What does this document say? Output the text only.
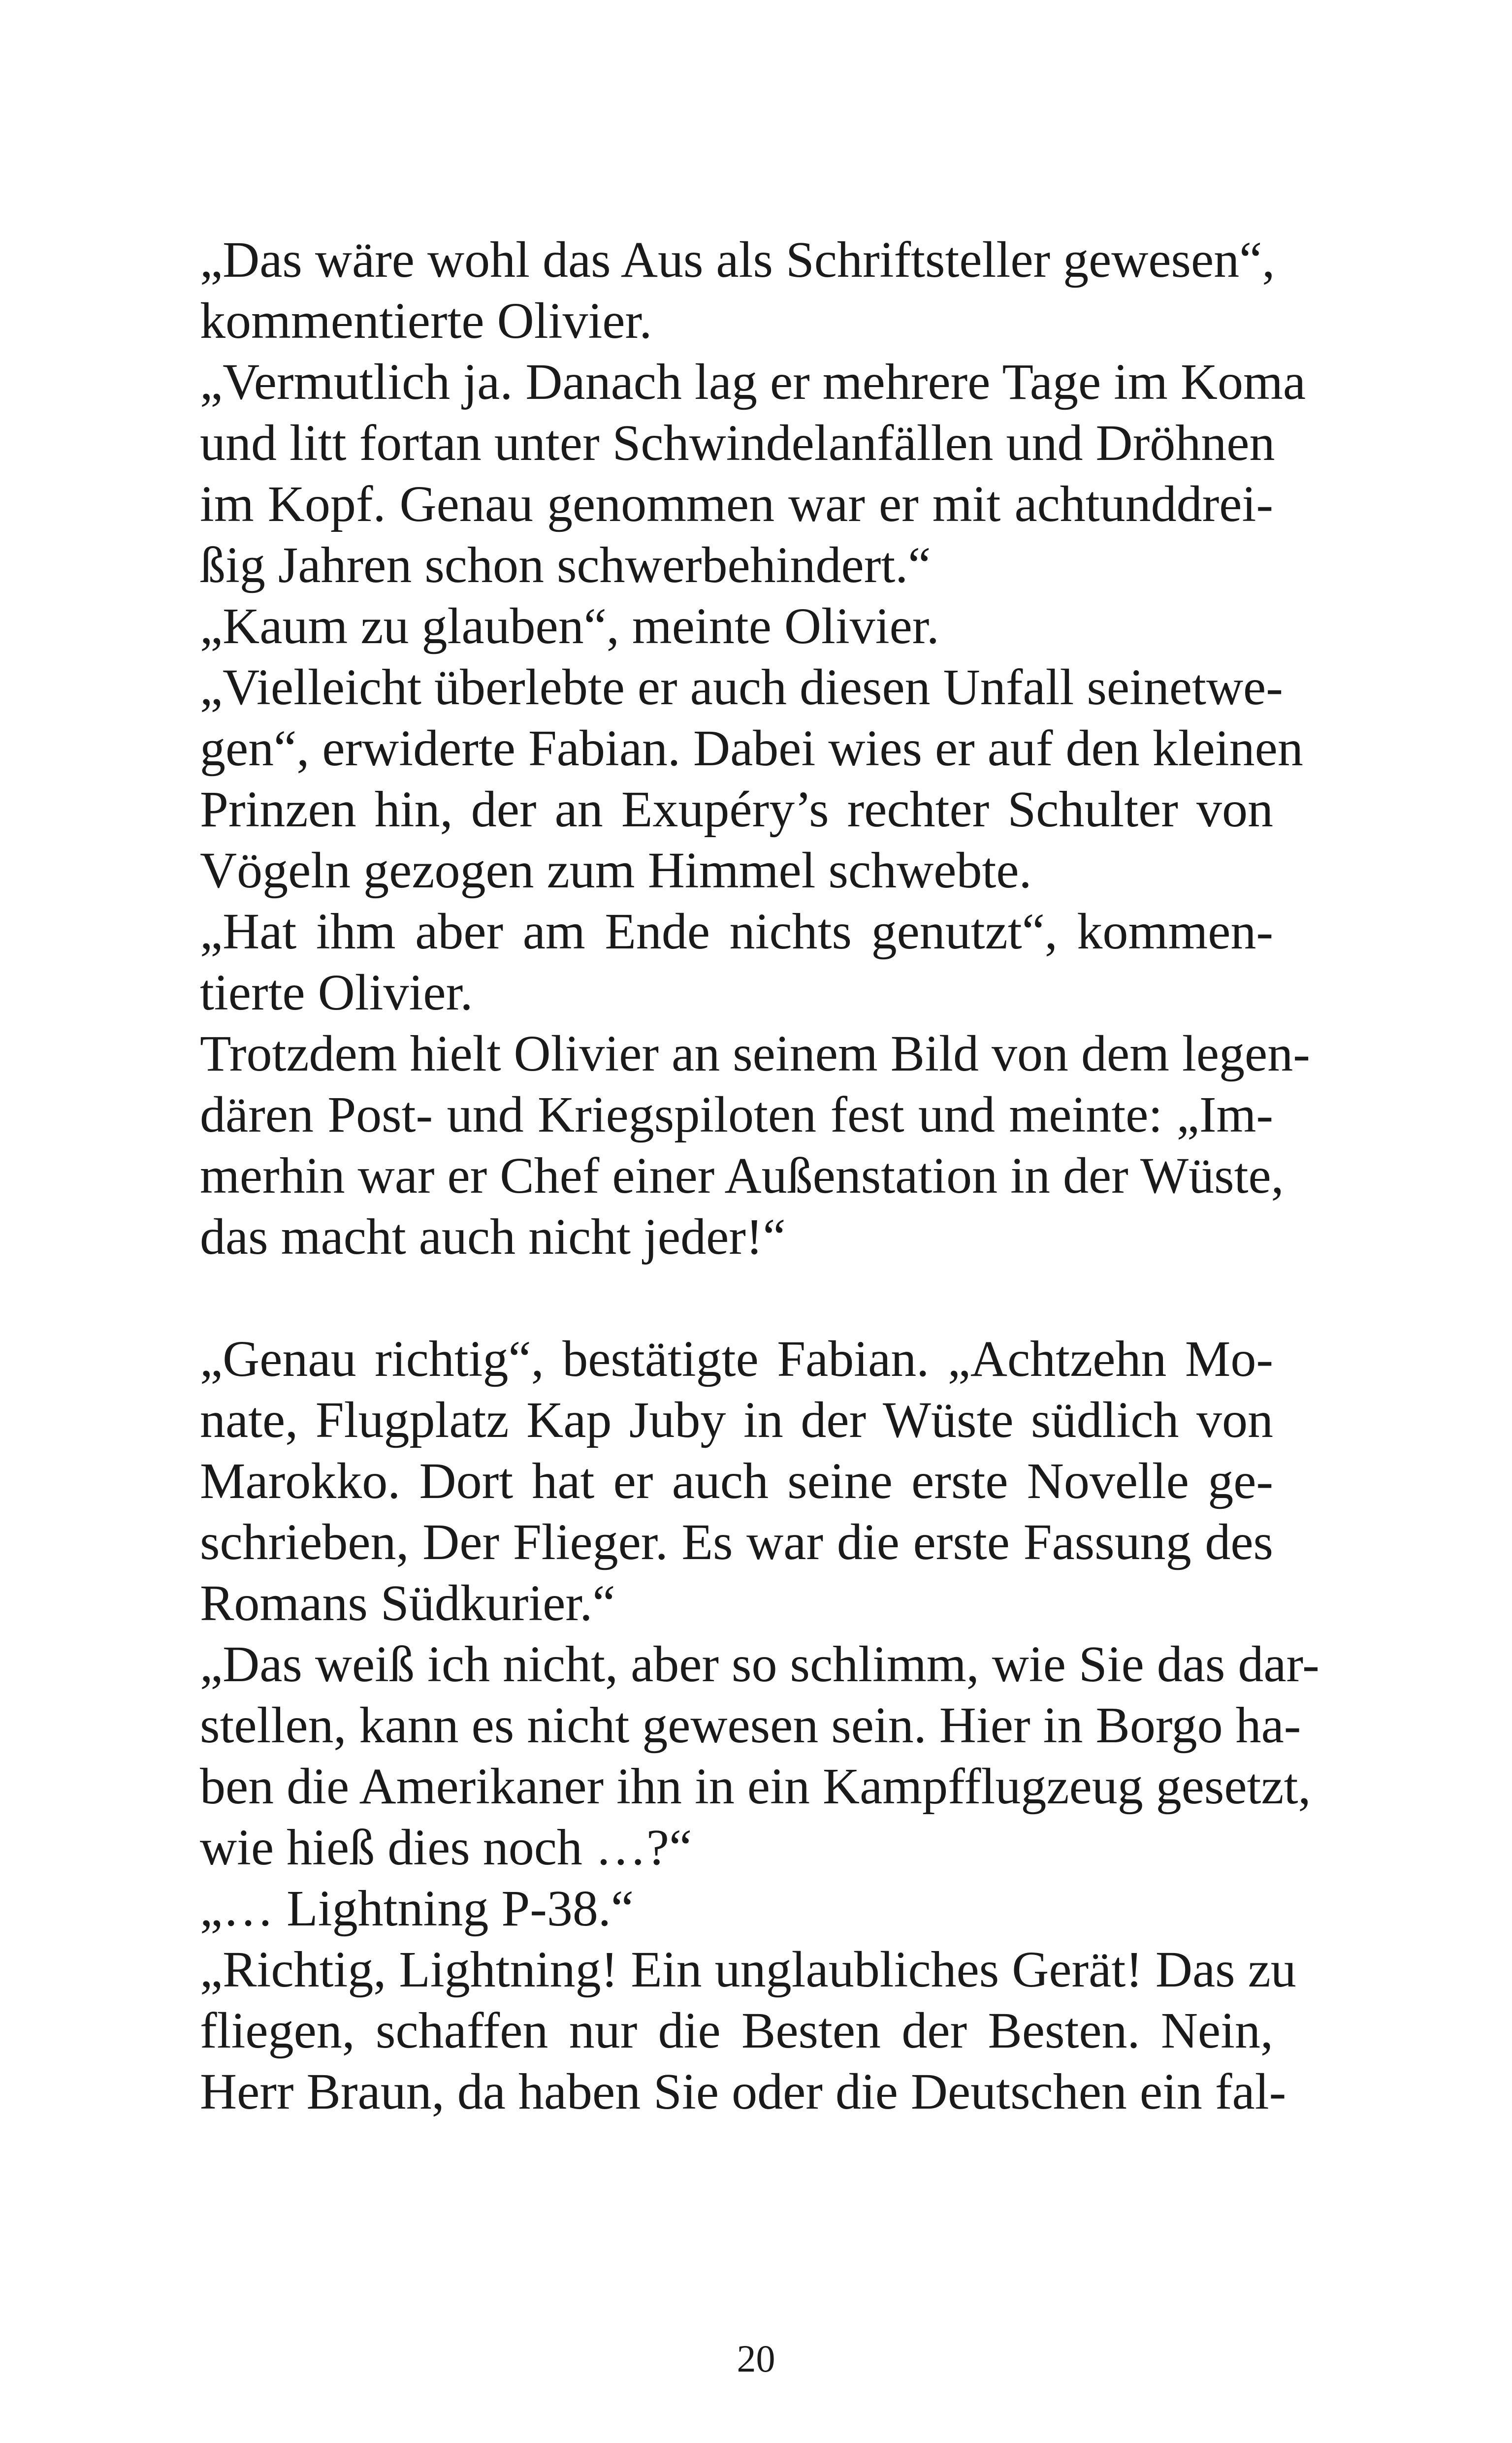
„Das wäre wohl das Aus als Schriftsteller gewesen“,
kommentierte Olivier.
„Vermutlich ja. Danach lag er mehrere Tage im Koma
und litt fortan unter Schwindelanfällen und Dröhnen
im Kopf. Genau genommen war er mit achtunddrei-
ßig Jahren schon schwerbehindert.“
„Kaum zu glauben“, meinte Olivier.
„Vielleicht überlebte er auch diesen Unfall seinetwe-
gen“, erwiderte Fabian. Dabei wies er auf den kleinen
Prinzen hin, der an Exupéry’s rechter Schulter von
Vögeln gezogen zum Himmel schwebte.
„Hat ihm aber am Ende nichts genutzt“, kommen-
tierte Olivier.
Trotzdem hielt Olivier an seinem Bild von dem legen-
dären Post- und Kriegspiloten fest und meinte: „Im-
merhin war er Chef einer Außenstation in der Wüste,
das macht auch nicht jeder!“
„Genau richtig“, bestätigte Fabian. „Achtzehn Mo-
nate, Flugplatz Kap Juby in der Wüste südlich von
Marokko. Dort hat er auch seine erste Novelle ge-
schrieben, Der Flieger. Es war die erste Fassung des
Romans Südkurier.“
„Das weiß ich nicht, aber so schlimm, wie Sie das dar-
stellen, kann es nicht gewesen sein. Hier in Borgo ha-
ben die Amerikaner ihn in ein Kampfflugzeug gesetzt,
wie hieß dies noch …?“
„… Lightning P-38.“
„Richtig, Lightning! Ein unglaubliches Gerät! Das zu
fliegen, schaffen nur die Besten der Besten. Nein,
Herr Braun, da haben Sie oder die Deutschen ein fal-
20
